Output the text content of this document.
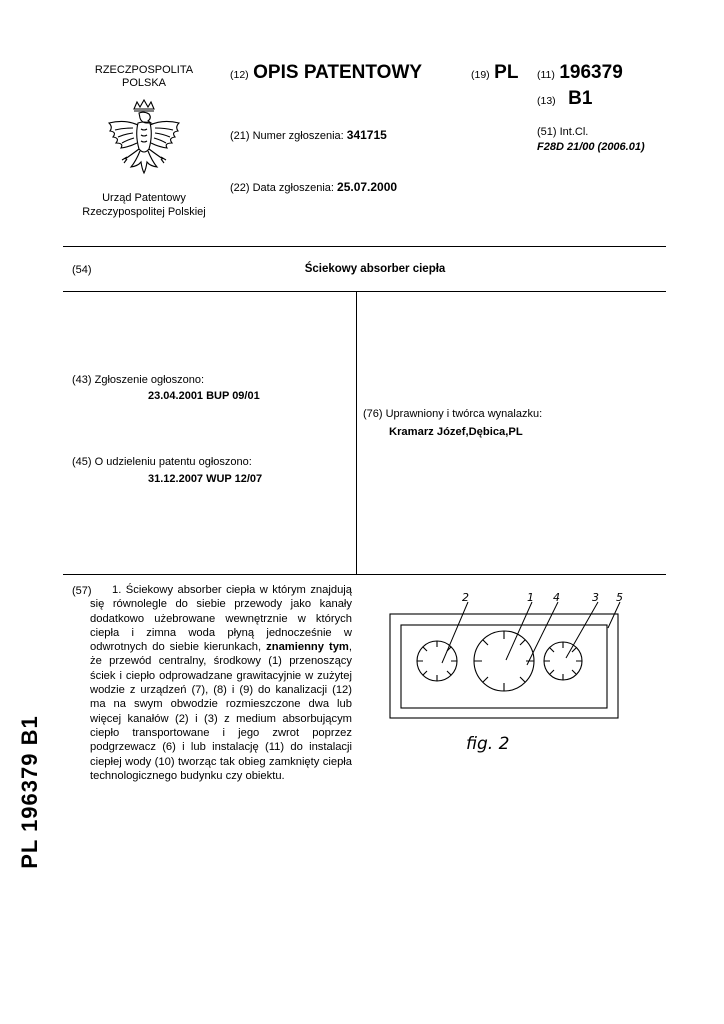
RZECZPOSPOLITA
POLSKA
Urząd Patentowy
Rzeczypospolitej Polskiej
(12) OPIS PATENTOWY	(19) PL (11) 196379
(13) B1
(21) Numer zgłoszenia: 341715	(51) Int.Cl.
F28D 21/00 (2006.01)
(22) Data zgłoszenia: 25.07.2000
(54)	Ściekowy absorber ciepła
(43) Zgłoszenie ogłoszono:
23.04.2001 BUP 09/01
(45) O udzieleniu patentu ogłoszono:
31.12.2007 WUP 12/07
(76) Uprawniony i twórca wynalazku:
Kramarz Józef,Dębica,PL
(57)	1. Ściekowy absorber ciepła w którym znajdują się równolegle do siebie przewody jako kanały dodatkowo użebrowane wewnętrznie w których ciepła i zimna woda płyną jednocześnie w odwrotnych do siebie kierunkach, znamienny tym, że przewód centralny, środkowy (1) przenoszący ściek i ciepło odprowadzane grawitacyjnie w zużytej wodzie z urządzeń (7), (8) i (9) do kanalizacji (12) ma na swym obwodzie rozmieszczone dwa lub więcej kanałów (2) i (3) z medium absorbującym ciepło transportowane i jego zwrot poprzez podgrzewacz (6) i lub instalację (11) do instalacji ciepłej wody (10) tworząc tak obieg zamknięty ciepła technologicznego budynku czy obiektu.
2	1 4	3 5
fig. 2
PL 196379 B1
